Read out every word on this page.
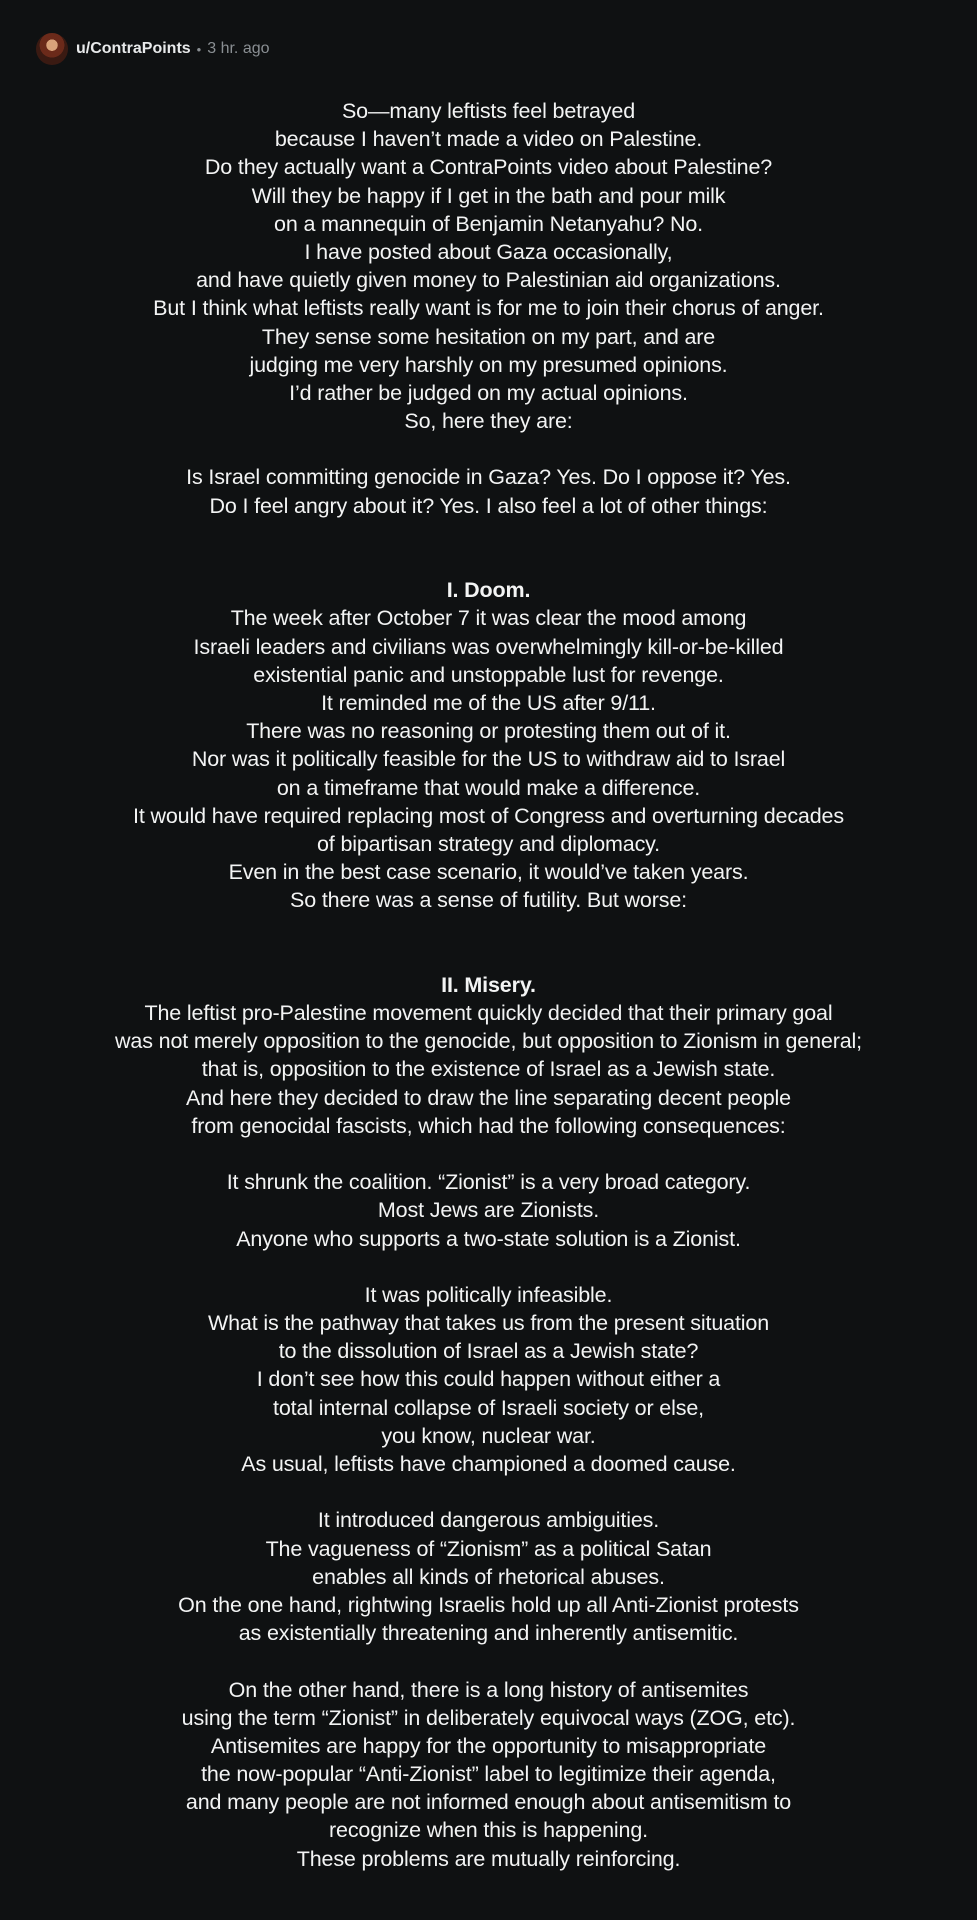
u/ContraPoints • 3 hr. ago
So—many leftists feel betrayed
because I haven’t made a video on Palestine.
Do they actually want a ContraPoints video about Palestine?
Will they be happy if I get in the bath and pour milk
on a mannequin of Benjamin Netanyahu? No.
I have posted about Gaza occasionally,
and have quietly given money to Palestinian aid organizations.
But I think what leftists really want is for me to join their chorus of anger.
They sense some hesitation on my part, and are
judging me very harshly on my presumed opinions.
I’d rather be judged on my actual opinions.
So, here they are:
Is Israel committing genocide in Gaza? Yes. Do I oppose it? Yes.
Do I feel angry about it? Yes. I also feel a lot of other things:
I. Doom.
The week after October 7 it was clear the mood among
Israeli leaders and civilians was overwhelmingly kill-or-be-killed
existential panic and unstoppable lust for revenge.
It reminded me of the US after 9/11.
There was no reasoning or protesting them out of it.
Nor was it politically feasible for the US to withdraw aid to Israel
on a timeframe that would make a difference.
It would have required replacing most of Congress and overturning decades
of bipartisan strategy and diplomacy.
Even in the best case scenario, it would’ve taken years.
So there was a sense of futility. But worse:
II. Misery.
The leftist pro-Palestine movement quickly decided that their primary goal
was not merely opposition to the genocide, but opposition to Zionism in general;
that is, opposition to the existence of Israel as a Jewish state.
And here they decided to draw the line separating decent people
from genocidal fascists, which had the following consequences:
It shrunk the coalition. “Zionist” is a very broad category.
Most Jews are Zionists.
Anyone who supports a two-state solution is a Zionist.
It was politically infeasible.
What is the pathway that takes us from the present situation
to the dissolution of Israel as a Jewish state?
I don’t see how this could happen without either a
total internal collapse of Israeli society or else,
you know, nuclear war.
As usual, leftists have championed a doomed cause.
It introduced dangerous ambiguities.
The vagueness of “Zionism” as a political Satan
enables all kinds of rhetorical abuses.
On the one hand, rightwing Israelis hold up all Anti-Zionist protests
as existentially threatening and inherently antisemitic.
On the other hand, there is a long history of antisemites
using the term “Zionist” in deliberately equivocal ways (ZOG, etc).
Antisemites are happy for the opportunity to misappropriate
the now-popular “Anti-Zionist” label to legitimize their agenda,
and many people are not informed enough about antisemitism to
recognize when this is happening.
These problems are mutually reinforcing.
